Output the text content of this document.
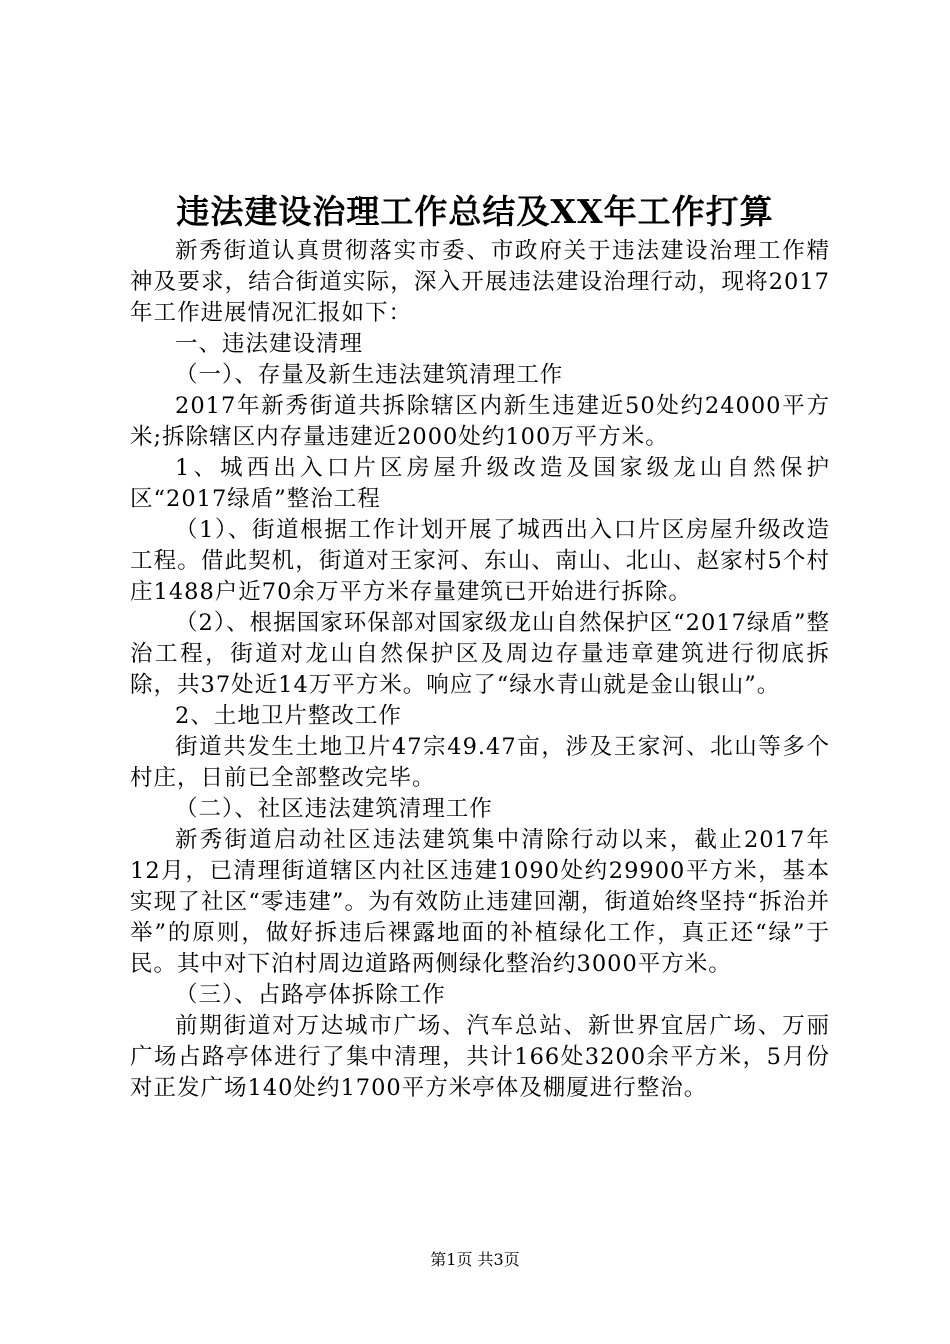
违法建设治理工作总结及XX年工作打算

新秀街道认真贯彻落实市委、市政府关于违法建设治理工作精神及要求，结合街道实际，深入开展违法建设治理行动，现将2017年工作进展情况汇报如下：

一、违法建设清理

（一）、存量及新生违法建筑清理工作

2017年新秀街道共拆除辖区内新生违建近50处约24000平方米;拆除辖区内存量违建近2000处约100万平方米。

1、城西出入口片区房屋升级改造及国家级龙山自然保护区“2017绿盾”整治工程

（1）、街道根据工作计划开展了城西出入口片区房屋升级改造工程。借此契机，街道对王家河、东山、南山、北山、赵家村5个村庄1488户近70余万平方米存量建筑已开始进行拆除。

（2）、根据国家环保部对国家级龙山自然保护区“2017绿盾”整治工程，街道对龙山自然保护区及周边存量违章建筑进行彻底拆除，共37处近14万平方米。响应了“绿水青山就是金山银山”。

2、土地卫片整改工作

街道共发生土地卫片47宗49.47亩，涉及王家河、北山等多个村庄，日前已全部整改完毕。

（二）、社区违法建筑清理工作

新秀街道启动社区违法建筑集中清除行动以来，截止2017年12月，已清理街道辖区内社区违建1090处约29900平方米，基本实现了社区“零违建”。为有效防止违建回潮，街道始终坚持“拆治并举”的原则，做好拆违后裸露地面的补植绿化工作，真正还“绿”于民。其中对下泊村周边道路两侧绿化整治约3000平方米。

（三）、占路亭体拆除工作

前期街道对万达城市广场、汽车总站、新世界宜居广场、万丽广场占路亭体进行了集中清理，共计166处3200余平方米，5月份对正发广场140处约1700平方米亭体及棚厦进行整治。

第1页 共3页
